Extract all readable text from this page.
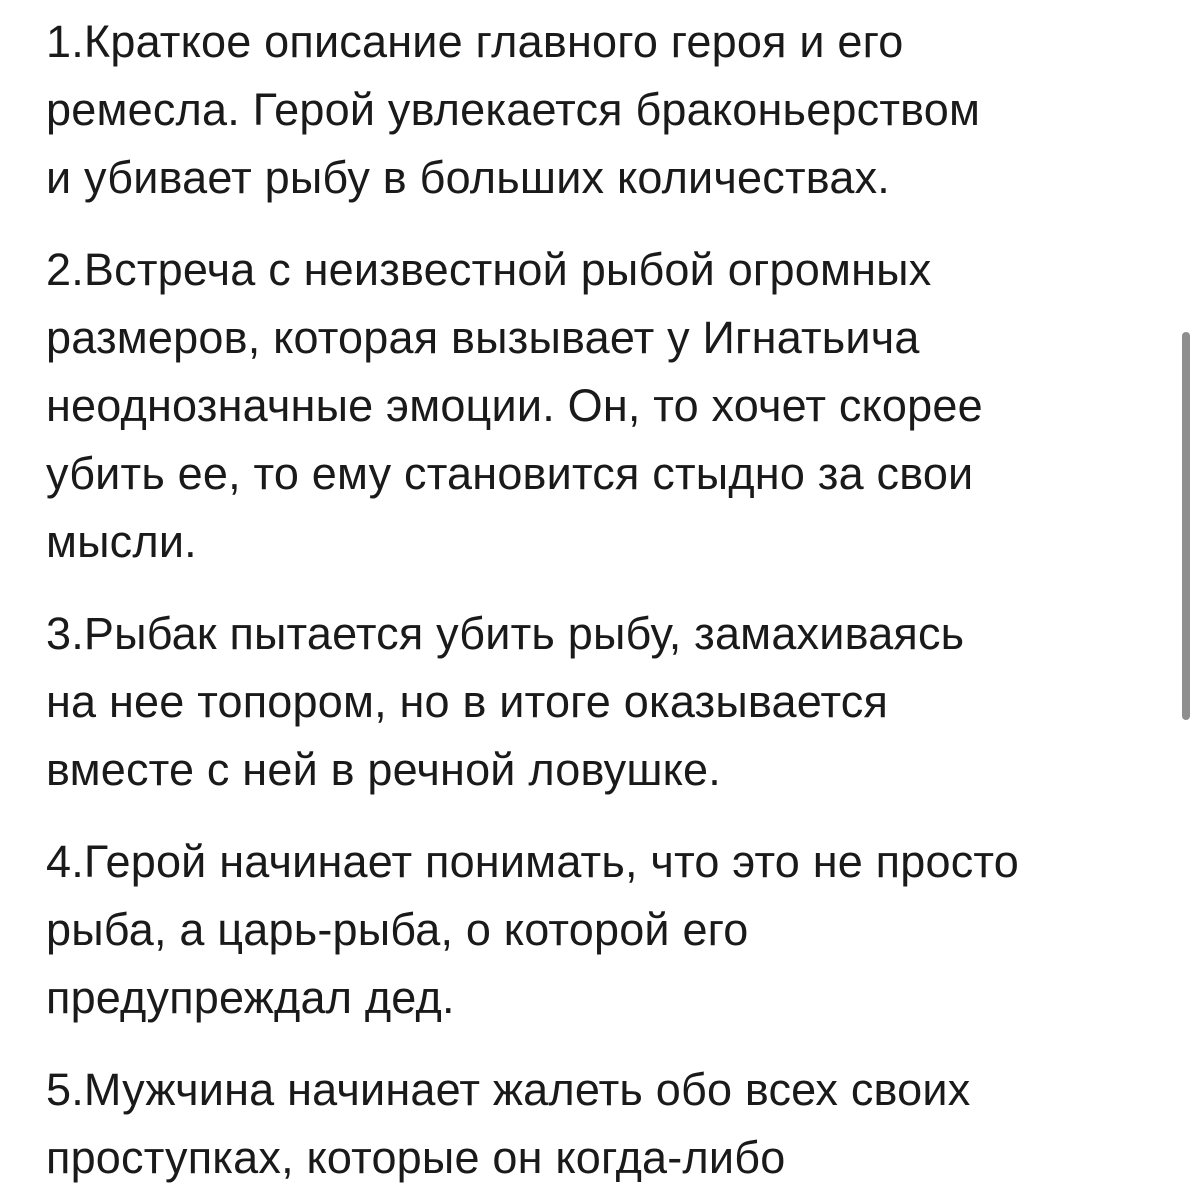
1.Краткое описание главного героя и его
ремесла. Герой увлекается браконьерством
и убивает рыбу в больших количествах.

2.Встреча с неизвестной рыбой огромных
размеров, которая вызывает у Игнатьича
неоднозначные эмоции. Он, то хочет скорее
убить ее, то ему становится стыдно за свои
мысли.

3.Рыбак пытается убить рыбу, замахиваясь
на нее топором, но в итоге оказывается
вместе с ней в речной ловушке.

4.Герой начинает понимать, что это не просто
рыба, а царь-рыба, о которой его
предупреждал дед.

5.Мужчина начинает жалеть обо всех своих
проступках, которые он когда-либо
